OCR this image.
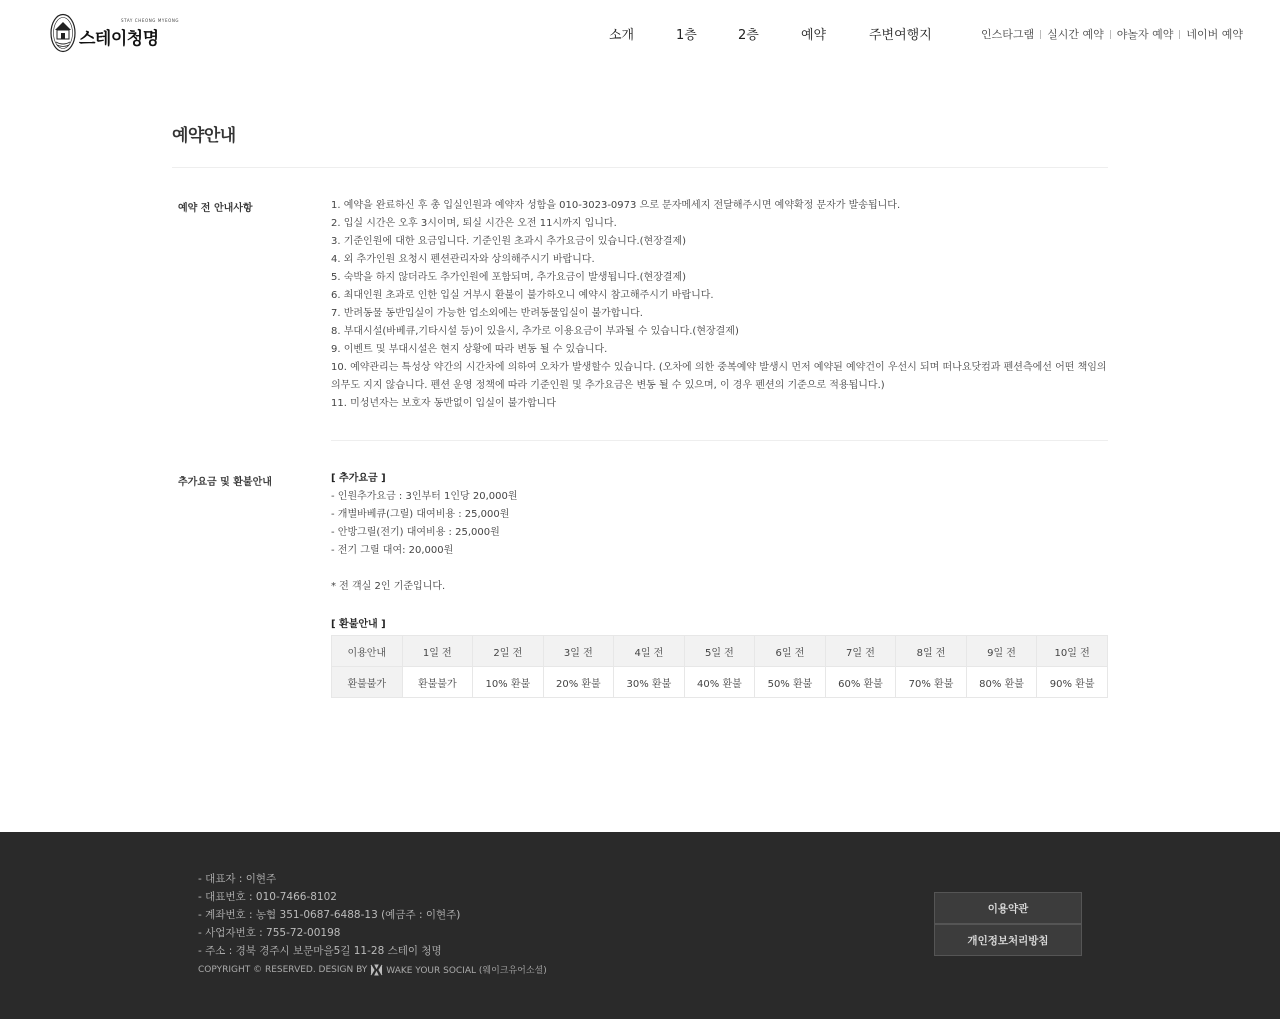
STAY CHEONG MYEONG
스테이청명	소개	1층	2층	예약	주변여행지	인스타그램 실시간 예약 야놀자 예약 네이버 예약
예약안내
예약 전 안내사항	1. 예약을 완료하신 후 총 입실인원과 예약자 성함을 010-3023-0973 으로 문자메세지 전달해주시면 예약확정 문자가 발송됩니다.

2. 입실 시간은 오후 3시이며, 퇴실 시간은 오전 11시까지 입니다.

3. 기준인원에 대한 요금입니다. 기준인원 초과시 추가요금이 있습니다.(현장결제)

4. 외 추가인원 요청시 펜션관리자와 상의해주시기 바랍니다.

5. 숙박을 하지 않더라도 추가인원에 포함되며, 추가요금이 발생됩니다.(현장결제)

6. 최대인원 초과로 인한 입실 거부시 환불이 불가하오니 예약시 참고해주시기 바랍니다.

7. 반려동물 동반입실이 가능한 업소외에는 반려동물입실이 불가합니다.

8. 부대시설(바베큐,기타시설 등)이 있을시, 추가로 이용요금이 부과될 수 있습니다.(현장결제)

9. 이벤트 및 부대시설은 현지 상황에 따라 변동 될 수 있습니다.

10. 예약관리는 특성상 약간의 시간차에 의하여 오차가 발생할수 있습니다. (오차에 의한 중복예약 발생시 먼저 예약된 예약건이 우선시 되며 떠나요닷컴과 펜션측에선 어떤 책임의 의무도 지지 않습니다. 펜션 운영 정책에 따라 기준인원 및 추가요금은 변동 될 수 있으며, 이 경우 펜션의 기준으로 적용됩니다.)

11. 미성년자는 보호자 동반없이 입실이 불가합니다

추가요금 및 환불안내	[ 추가요금 ]

- 인원추가요금 : 3인부터 1인당 20,000원

- 개별바베큐(그릴) 대여비용 : 25,000원

- 안방그릴(전기) 대여비용 : 25,000원

- 전기 그릴 대여: 20,000원

* 전 객실 2인 기준입니다.

[ 환불안내 ]

이용안내	1일 전	2일 전	3일 전	4일 전	5일 전	6일 전	7일 전	8일 전	9일 전	10일 전
환불불가	환불불가	10% 환불	20% 환불	30% 환불	40% 환불	50% 환불	60% 환불	70% 환불	80% 환불	90% 환불
- 대표자 : 이현주
- 대표번호 : 010-7466-8102
- 계좌번호 : 농협 351-0687-6488-13 (예금주 : 이현주)
- 사업자번호 : 755-72-00198
- 주소 : 경북 경주시 보문마을5길 11-28 스테이 청명
COPYRIGHT © RESERVED. DESIGN BY WAKE YOUR SOCIAL (웨이크유어소셜)
이용약관
개인정보처리방침
